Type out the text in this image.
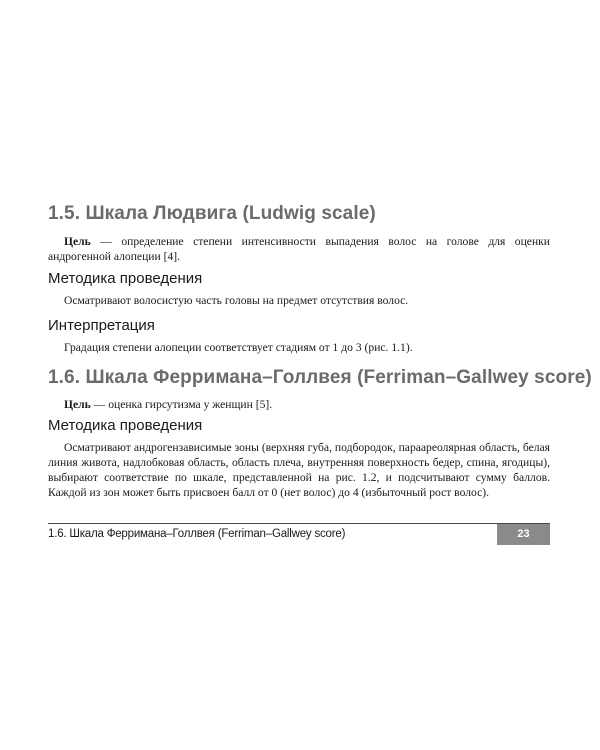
1.5. Шкала Людвига (Ludwig scale)

Цель — определение степени интенсивности выпадения волос на голове для оценки андрогенной алопеции [4].

Методика проведения

Осматривают волосистую часть головы на предмет отсутствия волос.

Интерпретация

Градация степени алопеции соответствует стадиям от 1 до 3 (рис. 1.1).

1.6. Шкала Ферримана–Голлвея (Ferriman–Gallwey score)

Цель — оценка гирсутизма у женщин [5].

Методика проведения

Осматривают андрогензависимые зоны (верхняя губа, подбородок, параареолярная область, белая линия живота, надлобковая область, область плеча, внутренняя поверхность бедер, спина, ягодицы), выбирают соответствие по шкале, представленной на рис. 1.2, и подсчитывают сумму баллов. Каждой из зон может быть присвоен балл от 0 (нет волос) до 4 (избыточный рост волос).

1.6. Шкала Ферримана–Голлвея (Ferriman–Gallwey score)	23
